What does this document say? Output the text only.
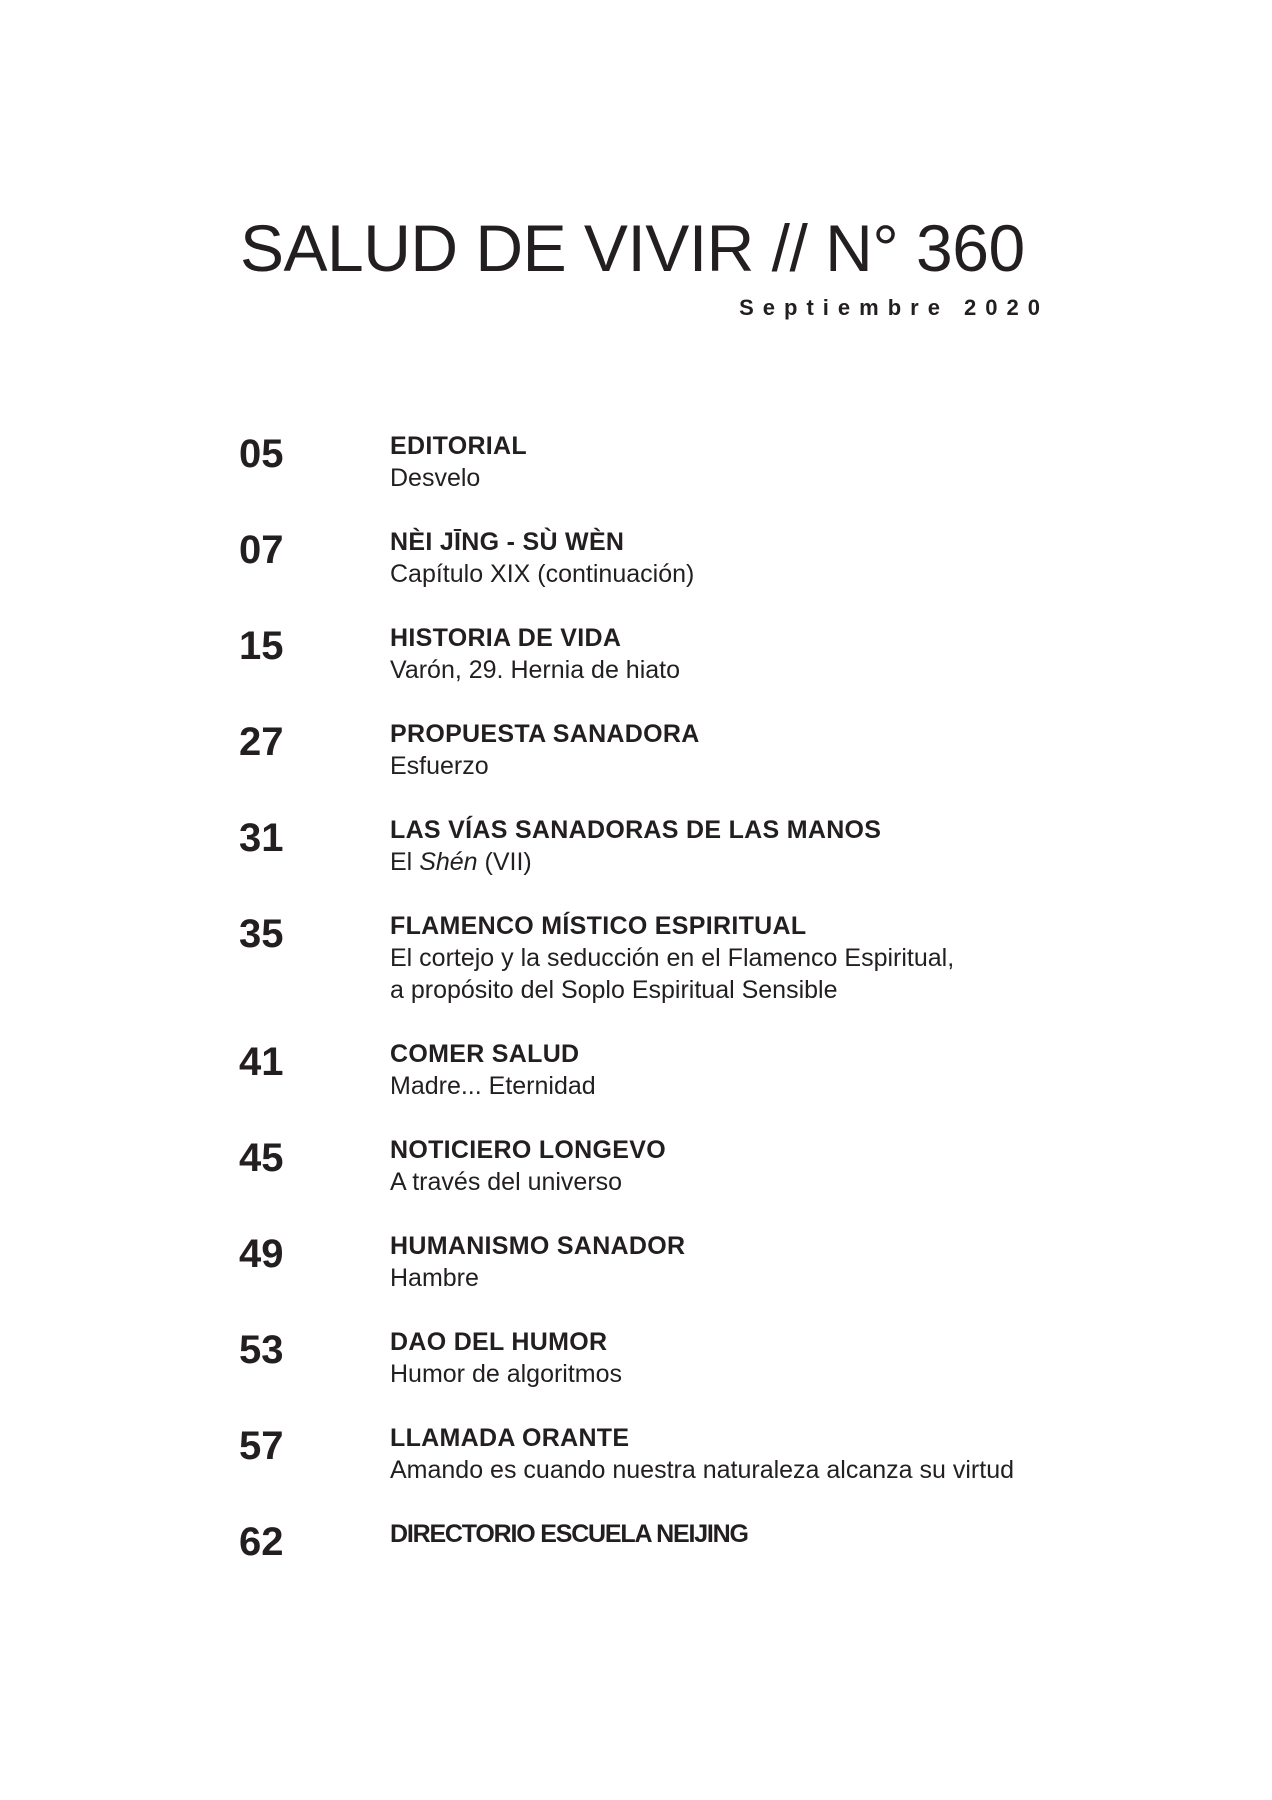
SALUD DE VIVIR // N° 360
Septiembre 2020
05	EDITORIAL
Desvelo
07	NÈI JĪNG - SÙ WÈN
Capítulo XIX (continuación)
15	HISTORIA DE VIDA
Varón, 29. Hernia de hiato
27	PROPUESTA SANADORA
Esfuerzo
31	LAS VÍAS SANADORAS DE LAS MANOS
El Shén (VII)
35	FLAMENCO MÍSTICO ESPIRITUAL
El cortejo y la seducción en el Flamenco Espiritual,
a propósito del Soplo Espiritual Sensible
41	COMER SALUD
Madre... Eternidad
45	NOTICIERO LONGEVO
A través del universo
49	HUMANISMO SANADOR
Hambre
53	DAO DEL HUMOR
Humor de algoritmos
57	LLAMADA ORANTE
Amando es cuando nuestra naturaleza alcanza su virtud
62	DIRECTORIO ESCUELA NEIJING
